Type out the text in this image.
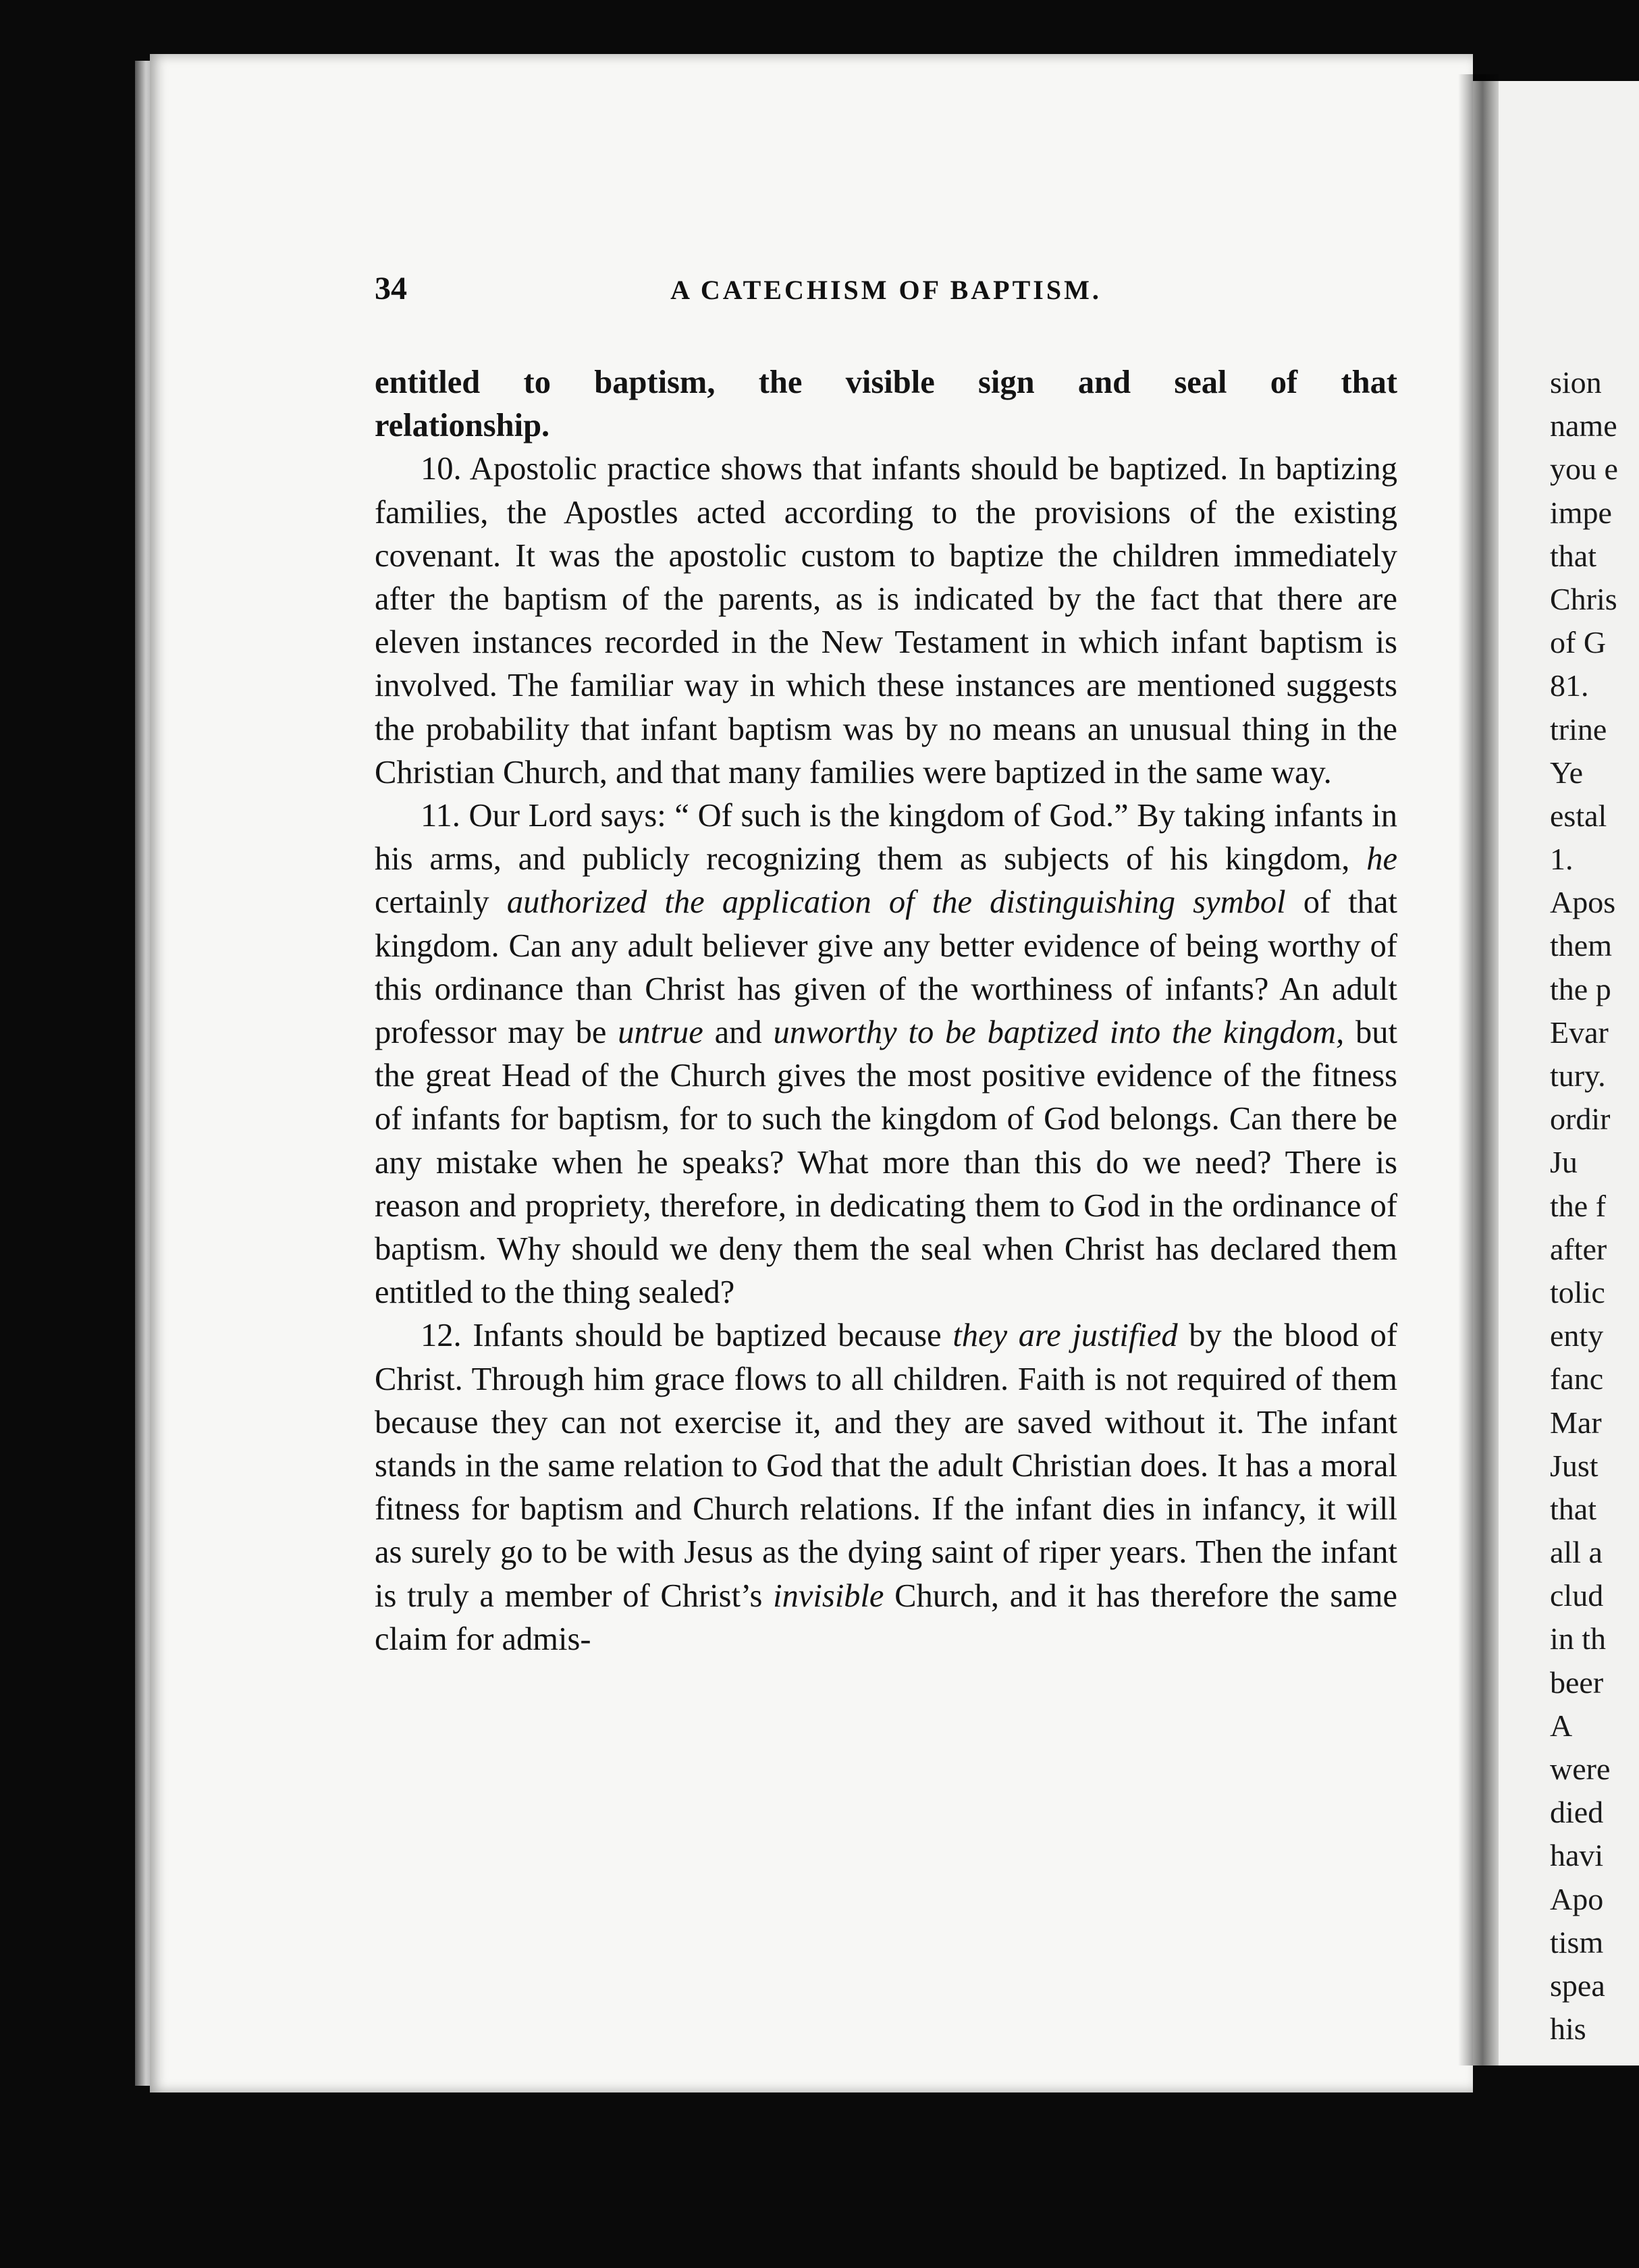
34	A CATECHISM OF BAPTISM.

entitled to baptism, the visible sign and seal of that

relationship.

10. Apostolic practice shows that infants should be baptized. In baptizing families, the Apostles acted according to the provisions of the existing covenant. It was the apostolic custom to baptize the children immediately after the baptism of the parents, as is indicated by the fact that there are eleven instances recorded in the New Testament in which infant baptism is involved. The familiar way in which these instances are mentioned suggests the probability that infant baptism was by no means an unusual thing in the Christian Church, and that many families were baptized in the same way.

11. Our Lord says: “ Of such is the kingdom of God.” By taking infants in his arms, and publicly recognizing them as subjects of his kingdom, he certainly authorized the application of the distinguishing symbol of that kingdom. Can any adult believer give any better evidence of being worthy of this ordinance than Christ has given of the worthiness of infants? An adult professor may be untrue and unworthy to be baptized into the kingdom, but the great Head of the Church gives the most positive evidence of the fitness of infants for baptism, for to such the kingdom of God belongs. Can there be any mistake when he speaks? What more than this do we need? There is reason and propriety, therefore, in dedicating them to God in the ordinance of baptism. Why should we deny them the seal when Christ has declared them entitled to the thing sealed?

12. Infants should be baptized because they are justified by the blood of Christ. Through him grace flows to all children. Faith is not required of them because they can not exercise it, and they are saved without it. The infant stands in the same relation to God that the adult Christian does. It has a moral fitness for baptism and Church relations. If the infant dies in infancy, it will as surely go to be with Jesus as the dying saint of riper years. Then the infant is truly a member of Christ’s invisible Church, and it has therefore the same claim for admis-

sion
name
you e
impe
that
Chris
of G
81.
trine
Ye
estal
1.
Apos
them
the p
Evar
tury.
ordir
Ju
the f
after
tolic
enty
fanc
Mar
Just
that
all a
clud
in th
beer
A
were
died
havi
Apo
tism
spea
his
